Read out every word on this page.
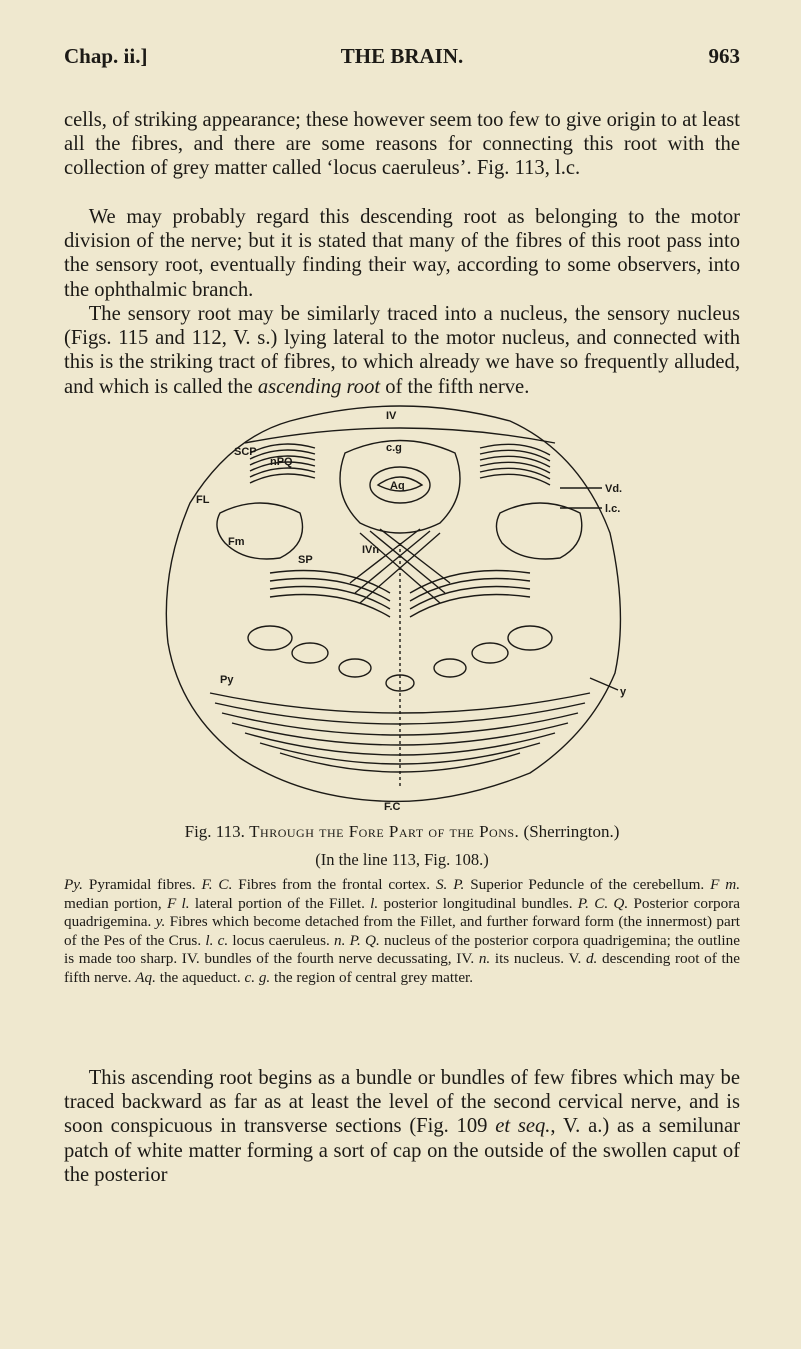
Chap. ii.]	THE BRAIN.	963

cells, of striking appearance; these however seem too few to give origin to at least all the fibres, and there are some reasons for connecting this root with the collection of grey matter called ‘locus caeruleus’. Fig. 113, l.c.

We may probably regard this descending root as belonging to the motor division of the nerve; but it is stated that many of the fibres of this root pass into the sensory root, eventually finding their way, according to some observers, into the ophthalmic branch.

The sensory root may be similarly traced into a nucleus, the sensory nucleus (Figs. 115 and 112, V. s.) lying lateral to the motor nucleus, and connected with this is the striking tract of fibres, to which already we have so frequently alluded, and which is called the ascending root of the fifth nerve.

IV
SCP
nPQ
c.g
Aq
FL
Fm
SP
IVn
Vd.
l.c.
Py
y
F.C
Fig. 113. Through the Fore Part of the Pons. (Sherrington.)
(In the line 113, Fig. 108.)

Py. Pyramidal fibres. F. C. Fibres from the frontal cortex. S. P. Superior Peduncle of the cerebellum. F m. median portion, F l. lateral portion of the Fillet. l. posterior longitudinal bundles. P. C. Q. Posterior corpora quadrigemina. y. Fibres which become detached from the Fillet, and further forward form (the innermost) part of the Pes of the Crus. l. c. locus caeruleus. n. P. Q. nucleus of the posterior corpora quadrigemina; the outline is made too sharp. IV. bundles of the fourth nerve decussating, IV. n. its nucleus. V. d. descending root of the fifth nerve. Aq. the aqueduct. c. g. the region of central grey matter.

This ascending root begins as a bundle or bundles of few fibres which may be traced backward as far as at least the level of the second cervical nerve, and is soon conspicuous in transverse sections (Fig. 109 et seq., V. a.) as a semilunar patch of white matter forming a sort of cap on the outside of the swollen caput of the posterior
